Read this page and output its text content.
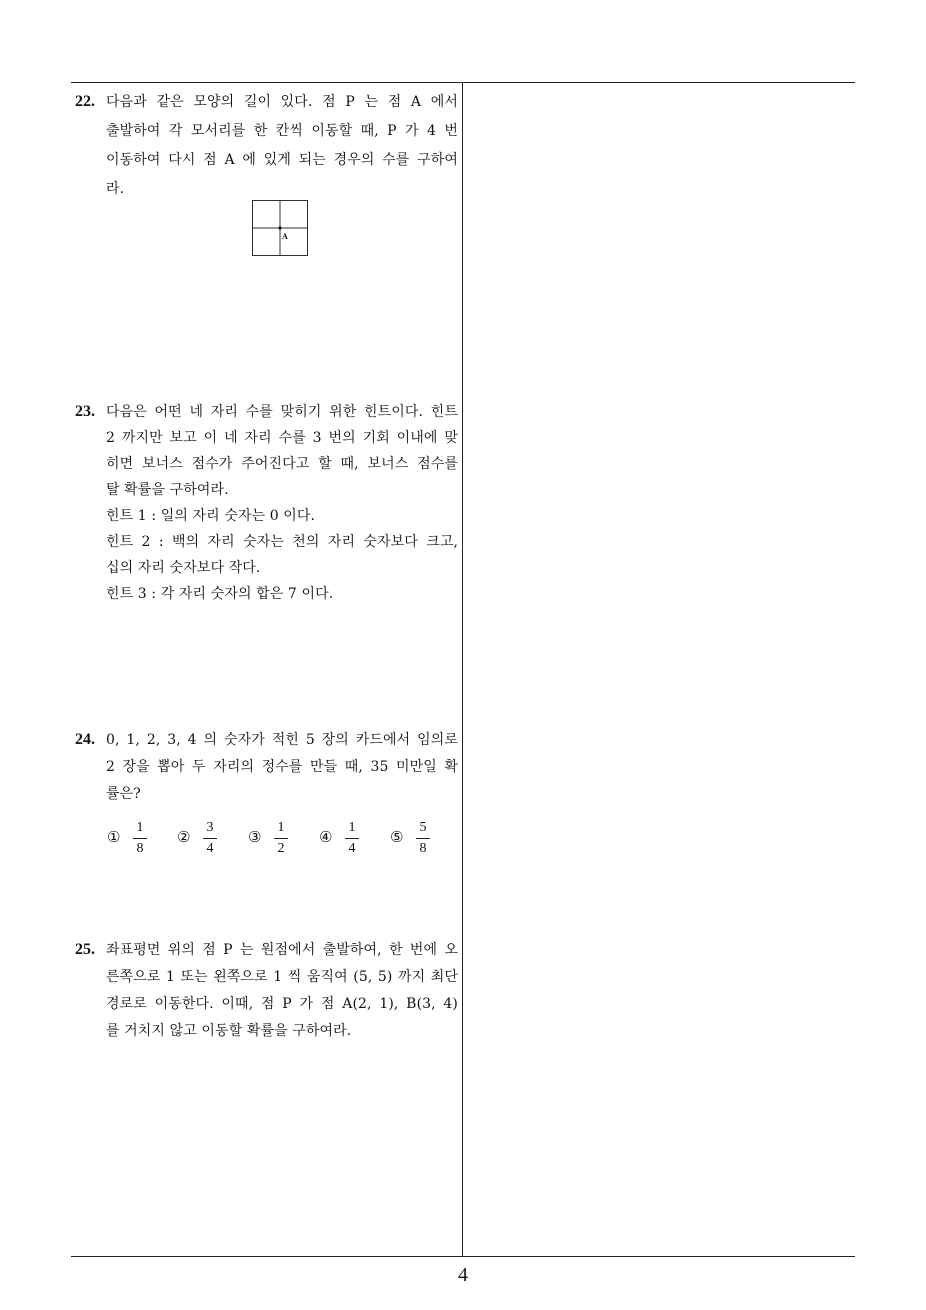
22. 다음과 같은 모양의 길이 있다. 점 P 는 점 A 에서
출발하여 각 모서리를 한 칸씩 이동할 때, P 가 4 번
이동하여 다시 점 A 에 있게 되는 경우의 수를 구하여
라.
A
23. 다음은 어떤 네 자리 수를 맞히기 위한 힌트이다. 힌트
2 까지만 보고 이 네 자리 수를 3 번의 기회 이내에 맞
히면 보너스 점수가 주어진다고 할 때, 보너스 점수를
탈 확률을 구하여라.
힌트 1 : 일의 자리 숫자는 0 이다.
힌트 2 : 백의 자리 숫자는 천의 자리 숫자보다 크고,
십의 자리 숫자보다 작다.
힌트 3 : 각 자리 숫자의 합은 7 이다.
24. 0, 1, 2, 3, 4 의 숫자가 적힌 5 장의 카드에서 임의로
2 장을 뽑아 두 자리의 정수를 만들 때, 35 미만일 확
률은?
①
1
8
②
3
4
③
1
2
④
1
4
⑤
5
8
25. 좌표평면 위의 점 P 는 원점에서 출발하여, 한 번에 오
른쪽으로 1 또는 왼쪽으로 1 씩 움직여 (5, 5) 까지 최단
경로로 이동한다. 이때, 점 P 가 점 A(2, 1), B(3, 4)
를 거치지 않고 이동할 확률을 구하여라.
4
